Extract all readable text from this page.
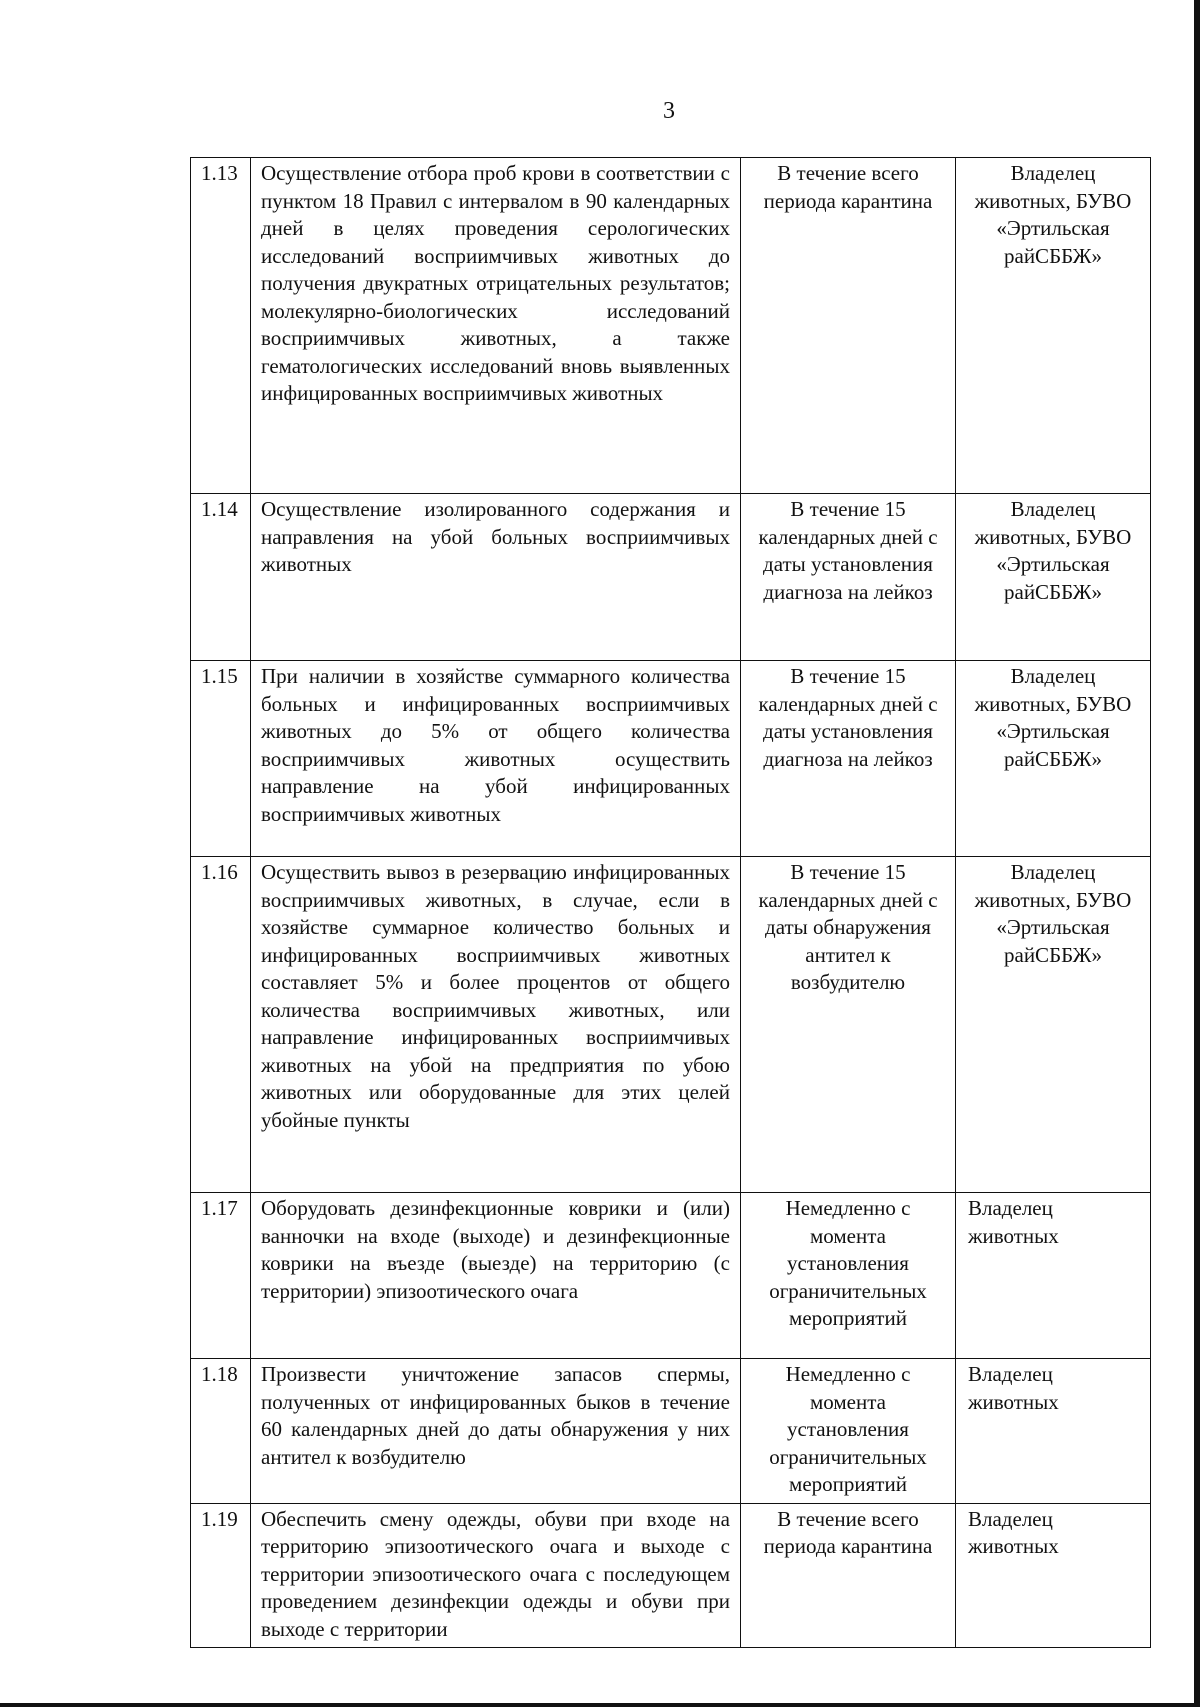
3
1.13	Осуществление отбора проб крови в соответствии с пунктом 18 Правил с интервалом в 90 календарных дней в целях проведения серологических исследований восприимчивых животных до получения двукратных отрицательных результатов; молекулярно-биологических исследований восприимчивых животных, а также гематологических исследований вновь выявленных инфицированных восприимчивых животных	В течение всего периода карантина	Владелец животных, БУВО «Эртильская райСББЖ»
1.14	Осуществление изолированного содержания и направления на убой больных восприимчивых животных	В течение 15 календарных дней с даты установления диагноза на лейкоз	Владелец животных, БУВО «Эртильская райСББЖ»
1.15	При наличии в хозяйстве суммарного количества больных и инфицированных восприимчивых животных до 5% от общего количества восприимчивых животных осуществить направление на убой инфицированных восприимчивых животных	В течение 15 календарных дней с даты установления диагноза на лейкоз	Владелец животных, БУВО «Эртильская райСББЖ»
1.16	Осуществить вывоз в резервацию инфицированных восприимчивых животных, в случае, если в хозяйстве суммарное количество больных и инфицированных восприимчивых животных составляет 5% и более процентов от общего количества восприимчивых животных, или направление инфицированных восприимчивых животных на убой на предприятия по убою животных или оборудованные для этих целей убойные пункты	В течение 15 календарных дней с даты обнаружения антител к возбудителю	Владелец животных, БУВО «Эртильская райСББЖ»
1.17	Оборудовать дезинфекционные коврики и (или) ванночки на входе (выходе) и дезинфекционные коврики на въезде (выезде) на территорию (с территории) эпизоотического очага	Немедленно с момента установления ограничительных мероприятий	Владелец животных
1.18	Произвести уничтожение запасов спермы, полученных от инфицированных быков в течение 60 календарных дней до даты обнаружения у них антител к возбудителю	Немедленно с момента установления ограничительных мероприятий	Владелец животных
1.19	Обеспечить смену одежды, обуви при входе на территорию эпизоотического очага и выходе с территории эпизоотического очага с последующем проведением дезинфекции одежды и обуви при выходе с территории	В течение всего периода карантина	Владелец животных
